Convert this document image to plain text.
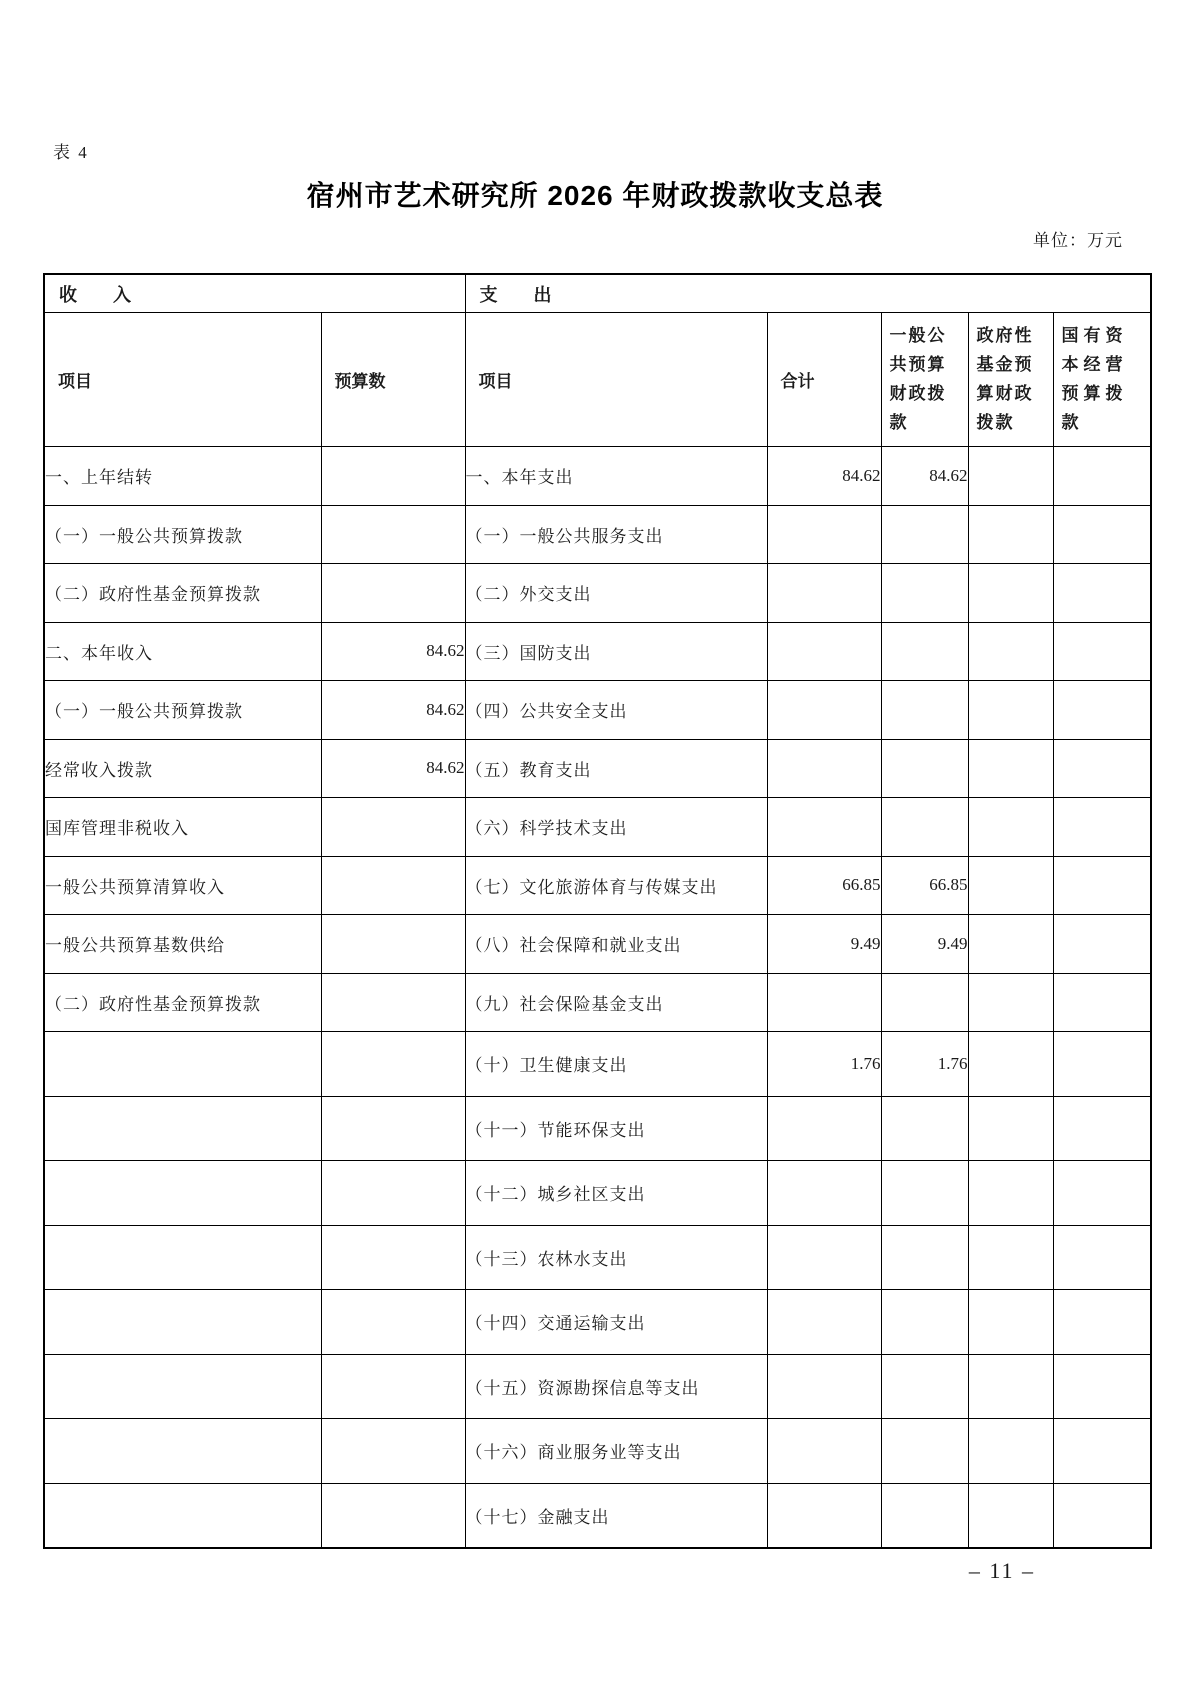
表 4
宿州市艺术研究所 2026 年财政拨款收支总表
单位：万元
收　　入		支　　出				
项目	预算数	项目	合计	一般公共预算财政拨款	政府性基金预算财政拨款	国有资本经营预算拨款

一、上年结转		一、本年支出	84.62	84.62		
（一）一般公共预算拨款		（一）一般公共服务支出				
（二）政府性基金预算拨款		（二）外交支出				
二、本年收入	84.62	（三）国防支出				
（一）一般公共预算拨款	84.62	（四）公共安全支出				
经常收入拨款	84.62	（五）教育支出				
国库管理非税收入		（六）科学技术支出				
一般公共预算清算收入		（七）文化旅游体育与传媒支出	66.85	66.85		
一般公共预算基数供给		（八）社会保障和就业支出	9.49	9.49		
（二）政府性基金预算拨款		（九）社会保险基金支出				
		（十）卫生健康支出	1.76	1.76		
		（十一）节能环保支出				
		（十二）城乡社区支出				
		（十三）农林水支出				
		（十四）交通运输支出				
		（十五）资源勘探信息等支出				
		（十六）商业服务业等支出				
		（十七）金融支出				
– 11 –
